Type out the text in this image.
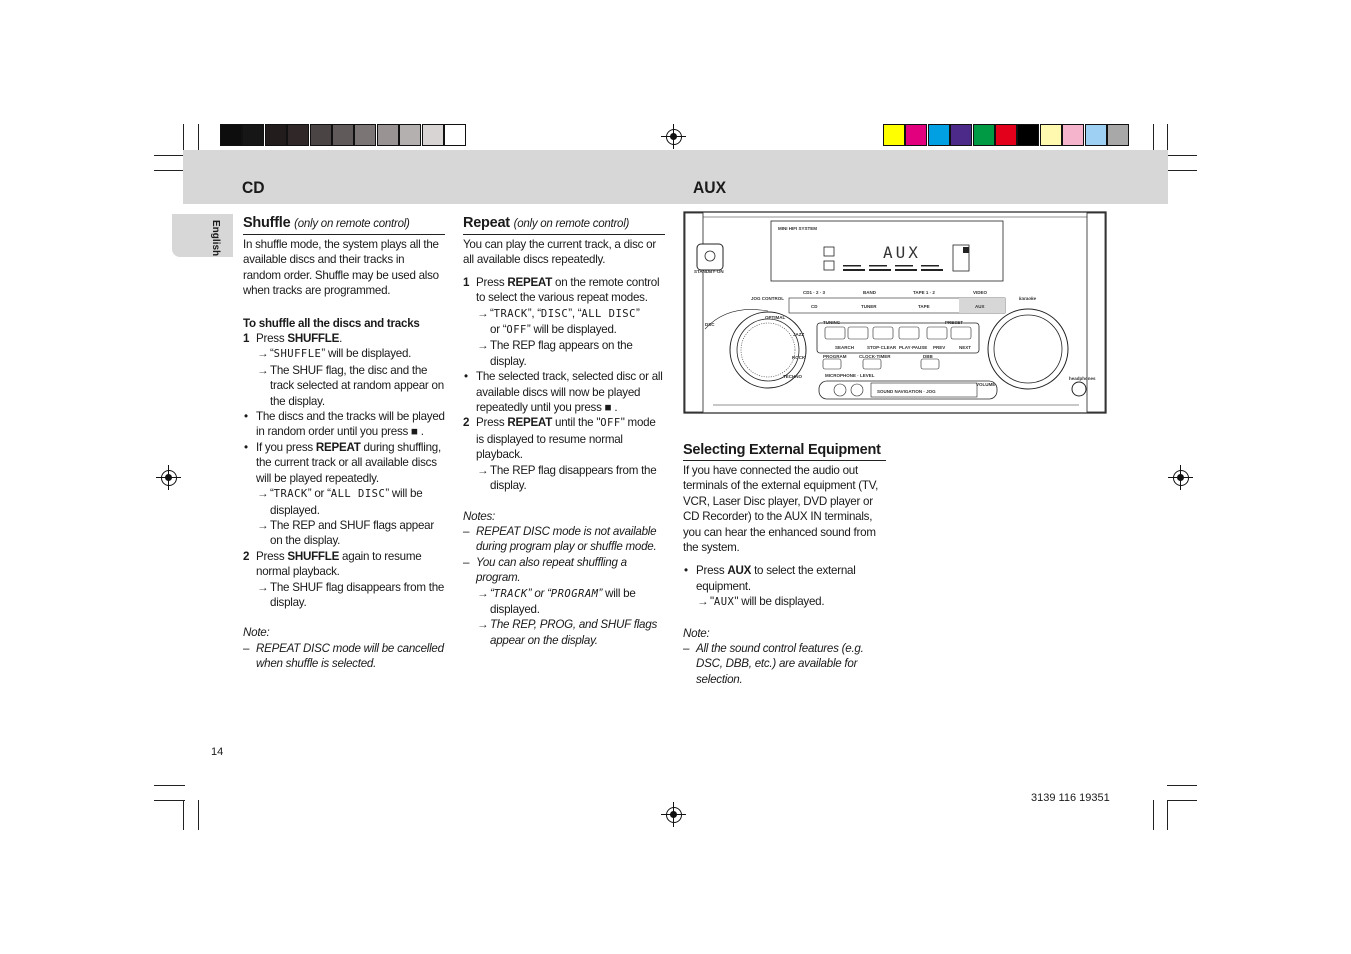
CD	AUX
English Shuffle (only on remote control)

In shuffle mode, the system plays all the available discs and their tracks in random order. Shuffle may be used also when tracks are programmed.

To shuffle all the discs and tracks

1 Press SHUFFLE.

→ “SHUFFLE” will be displayed.

→ The SHUF flag, the disc and the track selected at random appear on the display.

• The discs and the tracks will be played in random order until you press ■ .

• If you press REPEAT during shuffling, the current track or all available discs will be played repeatedly.

→ “TRACK” or “ALL DISC” will be displayed.

→ The REP and SHUF flags appear on the display.

2 Press SHUFFLE again to resume normal playback.

→ The SHUF flag disappears from the display.

Note:

– REPEAT DISC mode will be cancelled when shuffle is selected.

Repeat (only on remote control)

You can play the current track, a disc or all available discs repeatedly.

1 Press REPEAT on the remote control to select the various repeat modes.

→ “TRACK”, “DISC”, “ALL DISC”
or “OFF” will be displayed.

→ The REP flag appears on the display.

• The selected track, selected disc or all available discs will now be played repeatedly until you press ■ .

2 Press REPEAT until the "OFF" mode is displayed to resume normal playback.

→ The REP flag disappears from the display.

Notes:

– REPEAT DISC mode is not available during program play or shuffle mode.

– You can also repeat shuffling a program.

→ “TRACK” or “PROGRAM” will be displayed.

→ The REP, PROG, and SHUF flags appear on the display.

MINI HIFI SYSTEM
AUX
STANDBY·ON
JOG CONTROL
CD1 · 2 · 3	BAND	TAPE 1 · 2	VIDEO
CD	TUNER	TAPE	AUX
karaoke
DSC
OPTIMAL
JAZZ
ROCK
TECHNO
TUNING	PRESET
SEARCH	STOP·CLEAR PLAY·PAUSE PREV	NEXT
PROGRAM	CLOCK·TIMER	DBB
MICROPHONE · LEVEL
SOUND NAVIGATION · JOG
VOLUME
headphones

Selecting External Equipment

If you have connected the audio out terminals of the external equipment (TV, VCR, Laser Disc player, DVD player or CD Recorder) to the AUX IN terminals, you can hear the enhanced sound from the system.

• Press AUX to select the external equipment.

→ "AUX" will be displayed.

Note:

– All the sound control features (e.g. DSC, DBB, etc.) are available for selection.

14
3139 116 19351
